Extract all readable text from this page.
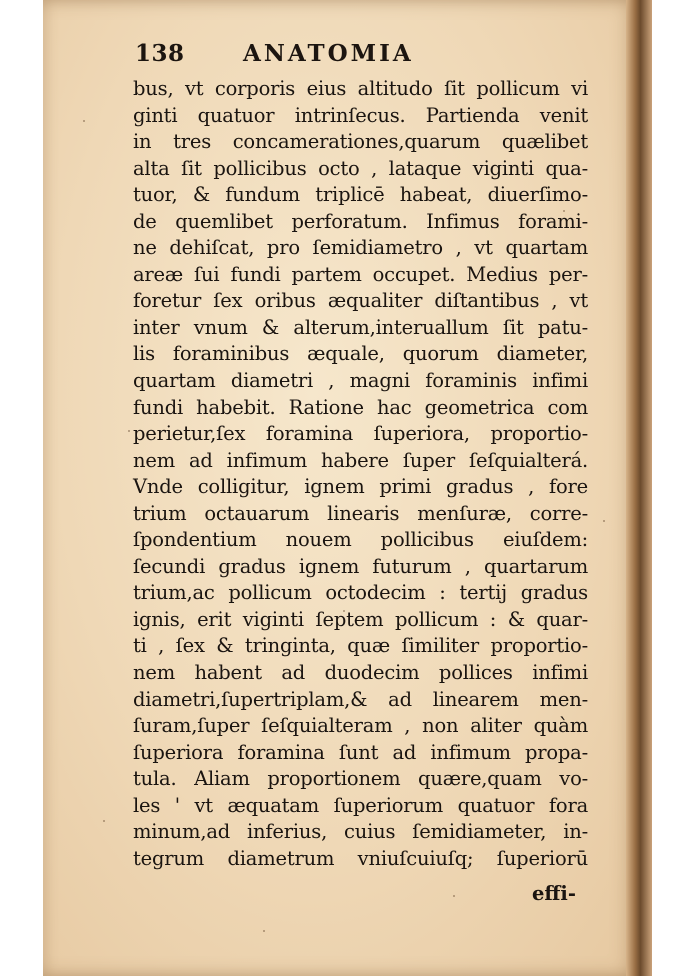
138	ANATOMIA
bus, vt corporis eius altitudo ſit pollicum vi
ginti quatuor intrinſecus. Partienda venit
in tres concamerationes,quarum quælibet
alta ſit pollicibus octo , lataque viginti qua-
tuor, & fundum triplicē habeat, diuerſimo-
de quemlibet perforatum. Infimus forami-
ne dehiſcat, pro ſemidiametro , vt quartam
areæ ſui fundi partem occupet. Medius per-
foretur ſex oribus æqualiter diſtantibus , vt
inter vnum & alterum,interuallum ſit patu-
lis foraminibus æquale, quorum diameter,
quartam diametri , magni foraminis infimi
fundi habebit. Ratione hac geometrica com
perietur,ſex foramina ſuperiora, proportio-
nem ad infimum habere ſuper ſeſquialterá.
Vnde colligitur, ignem primi gradus , fore
trium octauarum linearis menſuræ, corre-
ſpondentium nouem pollicibus eiuſdem:
ſecundi gradus ignem futurum , quartarum
trium,ac pollicum octodecim : tertij gradus
ignis, erit viginti ſeptem pollicum : & quar-
ti , ſex & tringinta, quæ ſimiliter proportio-
nem habent ad duodecim pollices infimi
diametri,ſupertriplam,& ad linearem men-
ſuram,ſuper ſeſquialteram , non aliter quàm
ſuperiora foramina ſunt ad infimum propa-
tula. Aliam proportionem quære,quam vo-
les ' vt æquatam ſuperiorum quatuor fora
minum,ad inferius, cuius ſemidiameter, in-
tegrum diametrum vniuſcuiuſq; ſuperiorū
effi-
